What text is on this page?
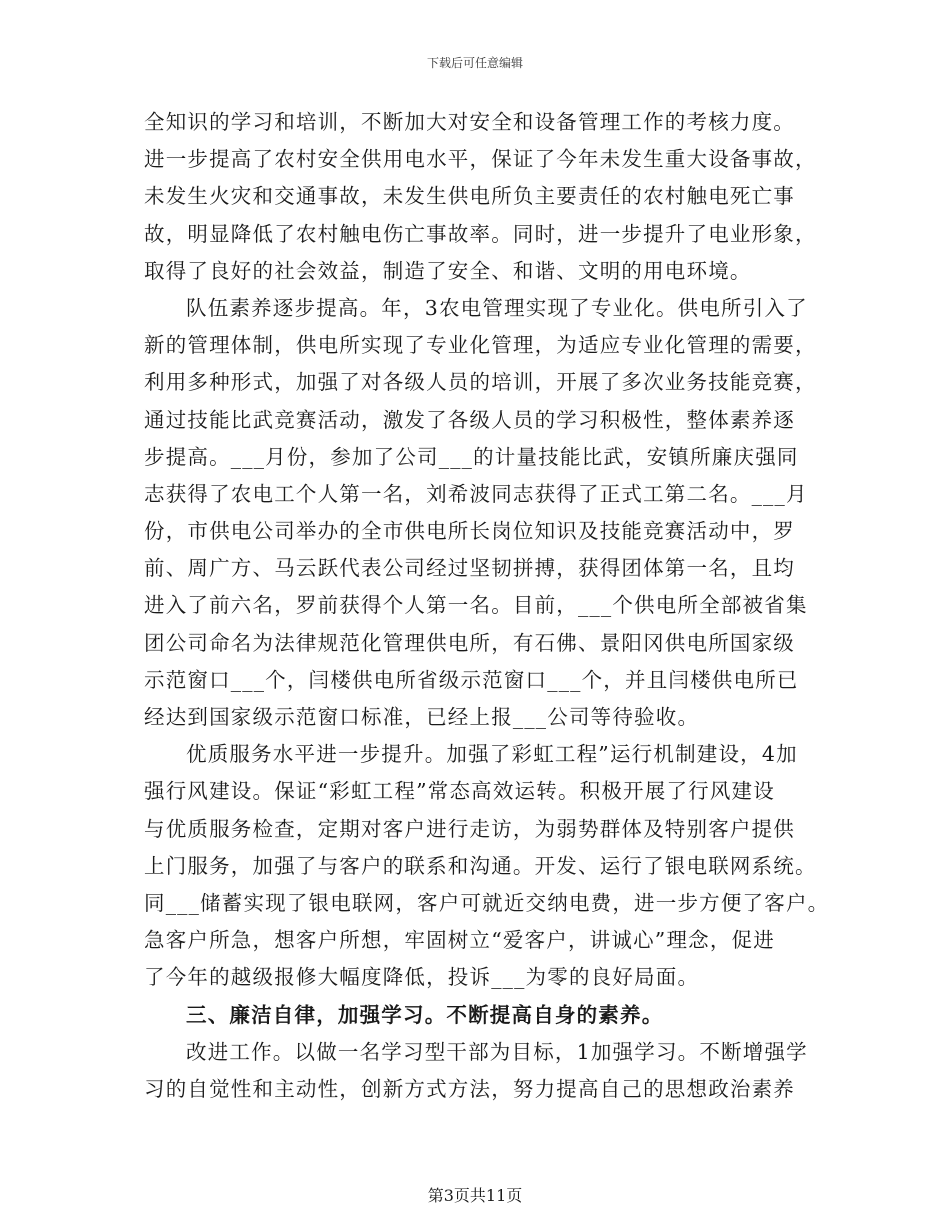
下载后可任意编辑
全知识的学习和培训，不断加大对安全和设备管理工作的考核力度。
进一步提高了农村安全供用电水平，保证了今年未发生重大设备事故，
未发生火灾和交通事故，未发生供电所负主要责任的农村触电死亡事
故，明显降低了农村触电伤亡事故率。同时，进一步提升了电业形象，
取得了良好的社会效益，制造了安全、和谐、文明的用电环境。
队伍素养逐步提高。年，3农电管理实现了专业化。供电所引入了
新的管理体制，供电所实现了专业化管理，为适应专业化管理的需要，
利用多种形式，加强了对各级人员的培训，开展了多次业务技能竞赛，
通过技能比武竞赛活动，激发了各级人员的学习积极性，整体素养逐
步提高。___月份，参加了公司___的计量技能比武，安镇所廉庆强同
志获得了农电工个人第一名，刘希波同志获得了正式工第二名。___月
份，市供电公司举办的全市供电所长岗位知识及技能竞赛活动中，罗
前、周广方、马云跃代表公司经过坚韧拼搏，获得团体第一名，且均
进入了前六名，罗前获得个人第一名。目前，___个供电所全部被省集
团公司命名为法律规范化管理供电所，有石佛、景阳冈供电所国家级
示范窗口___个，闫楼供电所省级示范窗口___个，并且闫楼供电所已
经达到国家级示范窗口标准，已经上报___公司等待验收。
优质服务水平进一步提升。加强了彩虹工程”运行机制建设，4加
强行风建设。保证“彩虹工程”常态高效运转。积极开展了行风建设
与优质服务检查，定期对客户进行走访，为弱势群体及特别客户提供
上门服务，加强了与客户的联系和沟通。开发、运行了银电联网系统。
同___储蓄实现了银电联网，客户可就近交纳电费，进一步方便了客户。
急客户所急，想客户所想，牢固树立“爱客户，讲诚心”理念，促进
了今年的越级报修大幅度降低，投诉___为零的良好局面。
三、廉洁自律，加强学习。不断提高自身的素养。
改进工作。以做一名学习型干部为目标，1加强学习。不断增强学
习的自觉性和主动性，创新方式方法，努力提高自己的思想政治素养
第3页共11页
